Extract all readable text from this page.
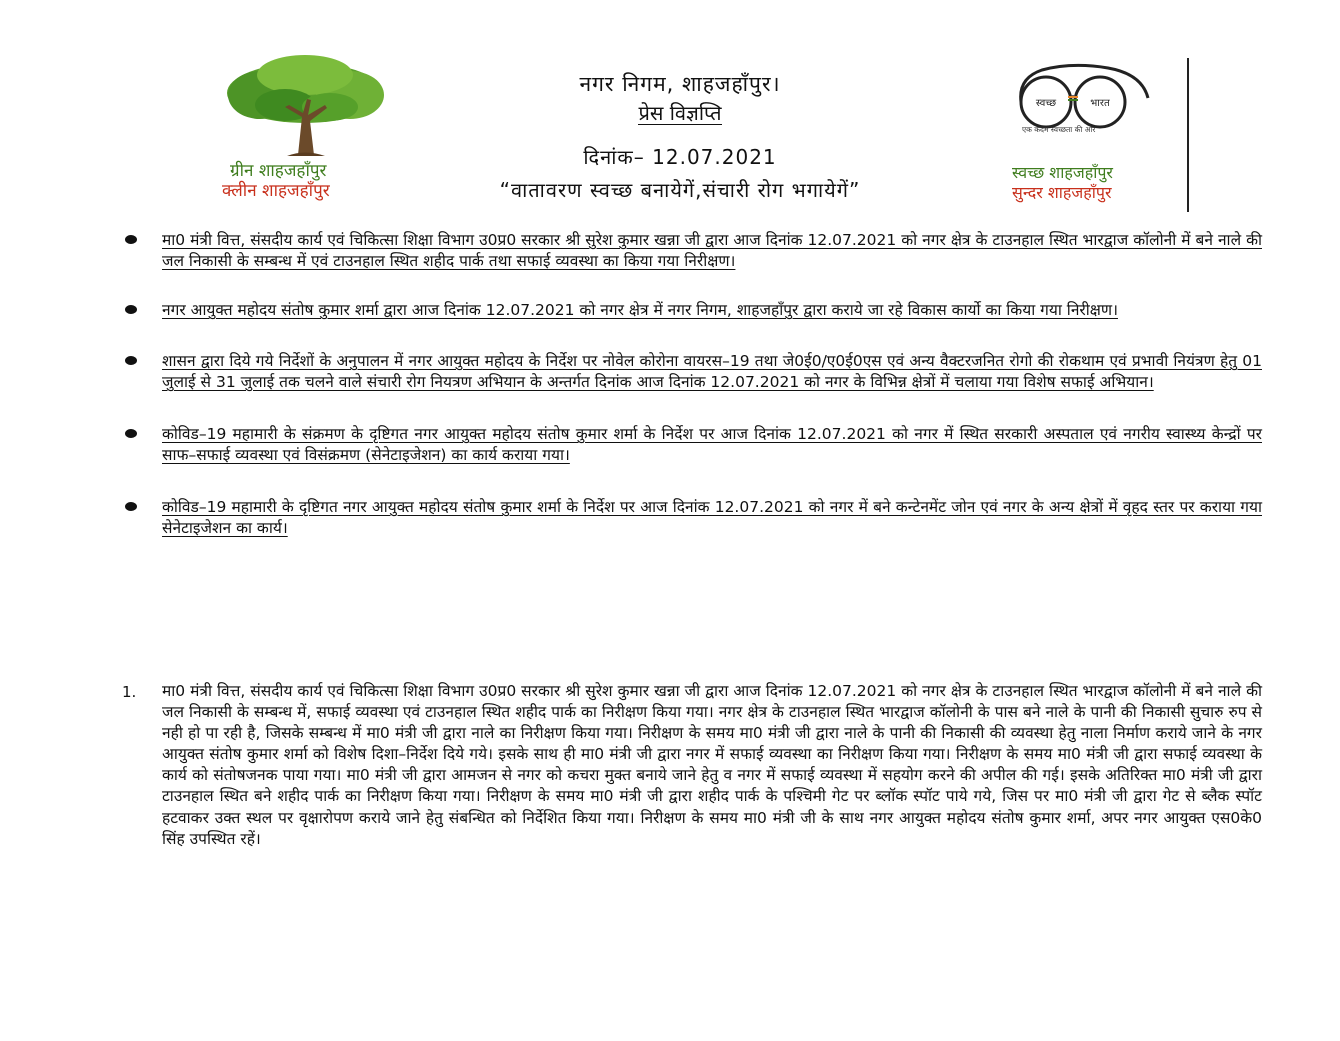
ग्रीन शाहजहाँपुर
क्लीन शाहजहाँपुर
नगर निगम, शाहजहाँपुर।
प्रेस विज्ञप्ति
दिनांक– 12.07.2021
“वातावरण स्वच्छ बनायेगें,संचारी रोग भगायेगें”
स्वच्छ	भारत
एक कदम स्वच्छता की ओर
स्वच्छ शाहजहाँपुर
सुन्दर शाहजहाँपुर
मा0 मंत्री वित्त, संसदीय कार्य एवं चिकित्सा शिक्षा विभाग उ0प्र0 सरकार श्री सुरेश कुमार खन्ना जी द्वारा आज दिनांक 12.07.2021 को नगर क्षेत्र के टाउनहाल स्थित भारद्वाज कॉलोनी में बने नाले की जल निकासी के सम्बन्ध में एवं टाउनहाल स्थित शहीद पार्क तथा सफाई व्यवस्था का किया गया निरीक्षण।
नगर आयुक्त महोदय संतोष कुमार शर्मा द्वारा आज दिनांक 12.07.2021 को नगर क्षेत्र में नगर निगम, शाहजहाँपुर द्वारा कराये जा रहे विकास कार्यो का किया गया निरीक्षण।
शासन द्वारा दिये गये निर्देशों के अनुपालन में नगर आयुक्त महोदय के निर्देश पर नोवेल कोरोना वायरस–19 तथा जे0ई0/ए0ई0एस एवं अन्य वैक्टरजनित रोगो की रोकथाम एवं प्रभावी नियंत्रण हेतु 01 जुलाई से 31 जुलाई तक चलने वाले संचारी रोग नियत्रण अभियान के अन्तर्गत दिनांक आज दिनांक 12.07.2021 को नगर के विभिन्न क्षेत्रों में चलाया गया विशेष सफाई अभियान।
कोविड–19 महामारी के संक्रमण के दृष्टिगत नगर आयुक्त महोदय संतोष कुमार शर्मा के निर्देश पर आज दिनांक 12.07.2021 को नगर में स्थित सरकारी अस्पताल एवं नगरीय स्वास्थ्य केन्द्रों पर साफ–सफाई व्यवस्था एवं विसंक्रमण (सेनेटाइजेशन) का कार्य कराया गया।
कोविड–19 महामारी के दृष्टिगत नगर आयुक्त महोदय संतोष कुमार शर्मा के निर्देश पर आज दिनांक 12.07.2021 को नगर में बने कन्टेनमेंट जोन एवं नगर के अन्य क्षेत्रों में वृहद स्तर पर कराया गया सेनेटाइजेशन का कार्य।
1.	मा0 मंत्री वित्त, संसदीय कार्य एवं चिकित्सा शिक्षा विभाग उ0प्र0 सरकार श्री सुरेश कुमार खन्ना जी द्वारा आज दिनांक 12.07.2021 को नगर क्षेत्र के टाउनहाल स्थित भारद्वाज कॉलोनी में बने नाले की जल निकासी के सम्बन्ध में, सफाई व्यवस्था एवं टाउनहाल स्थित शहीद पार्क का निरीक्षण किया गया। नगर क्षेत्र के टाउनहाल स्थित भारद्वाज कॉलोनी के पास बने नाले के पानी की निकासी सुचारु रुप से नही हो पा रही है, जिसके सम्बन्ध में मा0 मंत्री जी द्वारा नाले का निरीक्षण किया गया। निरीक्षण के समय मा0 मंत्री जी द्वारा नाले के पानी की निकासी की व्यवस्था हेतु नाला निर्माण कराये जाने के नगर आयुक्त संतोष कुमार शर्मा को विशेष दिशा–निर्देश दिये गये। इसके साथ ही मा0 मंत्री जी द्वारा नगर में सफाई व्यवस्था का निरीक्षण किया गया। निरीक्षण के समय मा0 मंत्री जी द्वारा सफाई व्यवस्था के कार्य को संतोषजनक पाया गया। मा0 मंत्री जी द्वारा आमजन से नगर को कचरा मुक्त बनाये जाने हेतु व नगर में सफाई व्यवस्था में सहयोग करने की अपील की गई। इसके अतिरिक्त मा0 मंत्री जी द्वारा टाउनहाल स्थित बने शहीद पार्क का निरीक्षण किया गया। निरीक्षण के समय मा0 मंत्री जी द्वारा शहीद पार्क के पश्चिमी गेट पर ब्लॉक स्पॉट पाये गये, जिस पर मा0 मंत्री जी द्वारा गेट से ब्लैक स्पॉट हटवाकर उक्त स्थल पर वृक्षारोपण कराये जाने हेतु संबन्धित को निर्देशित किया गया। निरीक्षण के समय मा0 मंत्री जी के साथ नगर आयुक्त महोदय संतोष कुमार शर्मा, अपर नगर आयुक्त एस0के0 सिंह उपस्थित रहें।
